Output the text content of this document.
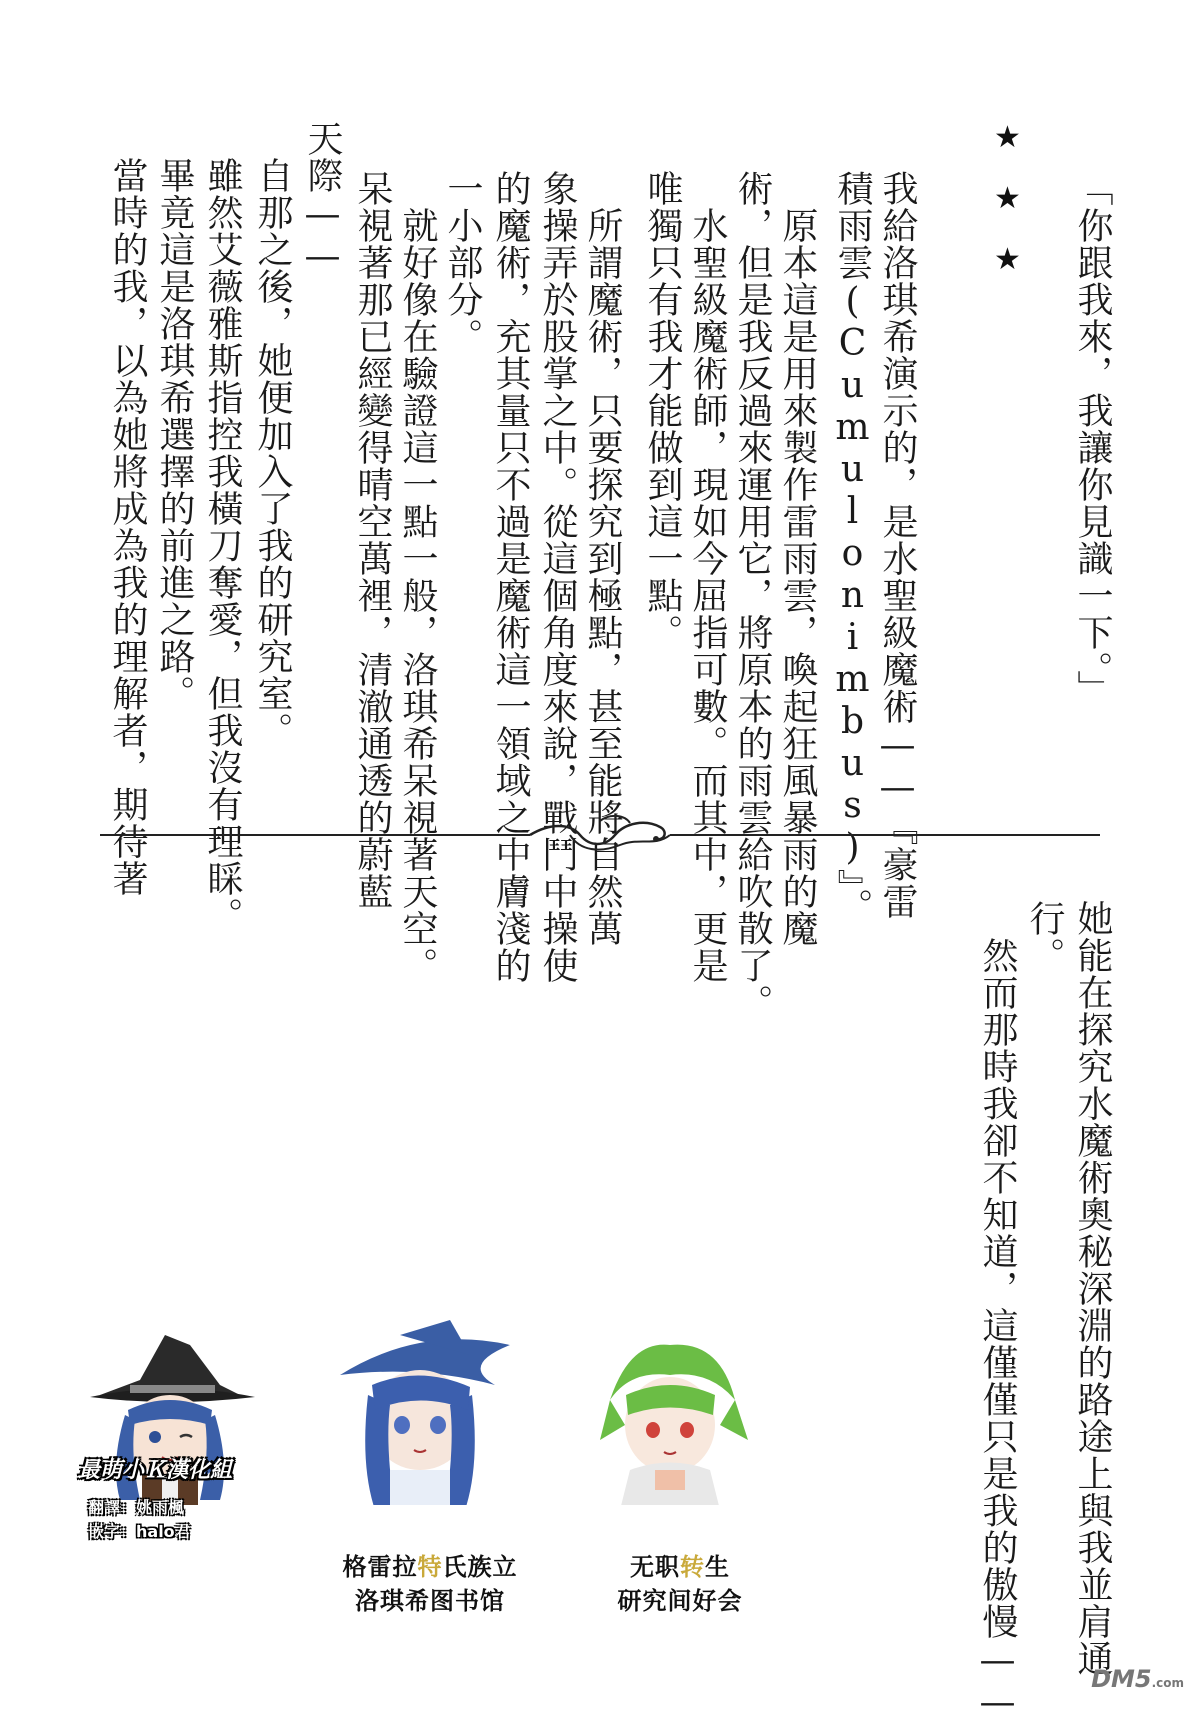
「你跟我來，我讓你見識一下。」

我給洛琪希演示的，是水聖級魔術——『豪雷

積雨雲(Cumulonimbus)』。

　原本這是用來製作雷雨雲，喚起狂風暴雨的魔

術，但是我反過來運用它，將原本的雨雲給吹散了。

　水聖級魔術師，現如今屈指可數。而其中，更是

唯獨只有我才能做到這一點。

　所謂魔術，只要探究到極點，甚至能將自然萬

象操弄於股掌之中。從這個角度來說，戰鬥中操使

的魔術，充其量只不過是魔術這一領域之中膚淺的

一小部分。

　就好像在驗證這一點一般，洛琪希呆視著天空。

呆視著那已經變得晴空萬裡，清澈通透的蔚藍

天際——

　自那之後，她便加入了我的研究室。

　雖然艾薇雅斯指控我橫刀奪愛，但我沒有理睬。

　畢竟這是洛琪希選擇的前進之路。

　當時的我，以為她將成為我的理解者，期待著	★★★

她能在探究水魔術奧秘深淵的路途上與我並肩通

行。

　然而那時我卻不知道，這僅僅只是我的傲慢——

最萌小Ｋ漢化組
翻譯：姚雨楓
嵌字：halo君
格雷拉特氏族立
洛琪希图书馆
无职转生
研究间好会
DM5.com
